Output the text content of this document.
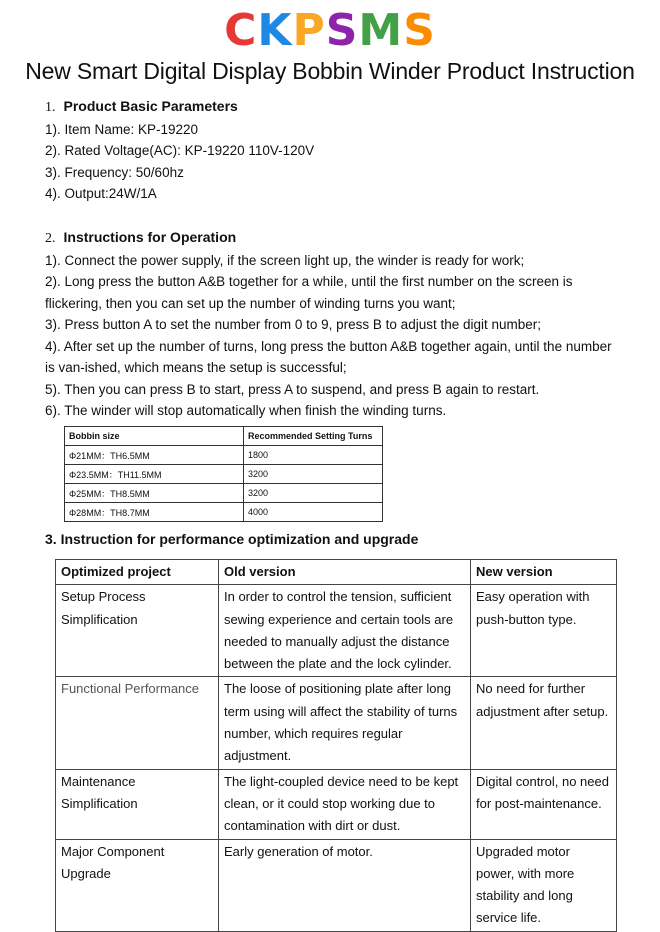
CKPSMS
New Smart Digital Display Bobbin Winder Product Instruction
1. Product Basic Parameters
1). Item Name: KP-19220
2). Rated Voltage(AC): KP-19220 110V-120V
3). Frequency: 50/60hz
4). Output:24W/1A
2. Instructions for Operation
1). Connect the power supply, if the screen light up, the winder is ready for work;
2). Long press the button A&B together for a while, until the first number on the screen is flickering, then you can set up the number of winding turns you want;
3). Press button A to set the number from 0 to 9, press B to adjust the digit number;
4). After set up the number of turns, long press the button A&B together again, until the number is van-ished, which means the setup is successful;
5). Then you can press B to start, press A to suspend, and press B again to restart.
6). The winder will stop automatically when finish the winding turns.
Bobbin size	Recommended Setting Turns
Φ21MM：TH6.5MM	1800
Φ23.5MM：TH11.5MM	3200
Φ25MM：TH8.5MM	3200
Φ28MM：TH8.7MM	4000
3. Instruction for performance optimization and upgrade
Optimized project	Old version	New version
Setup Process Simplification	In order to control the tension, sufficient sewing experience and certain tools are needed to manually adjust the distance between the plate and the lock cylinder.	Easy operation with push-button type.
Functional Performance	The loose of positioning plate after long term using will affect the stability of turns number, which requires regular adjustment.	No need for further adjustment after setup.
Maintenance Simplification	The light-coupled device need to be kept clean, or it could stop working due to contamination with dirt or dust.	Digital control, no need for post-maintenance.
Major Component Upgrade	Early generation of motor.	Upgraded motor power, with more stability and long service life.
